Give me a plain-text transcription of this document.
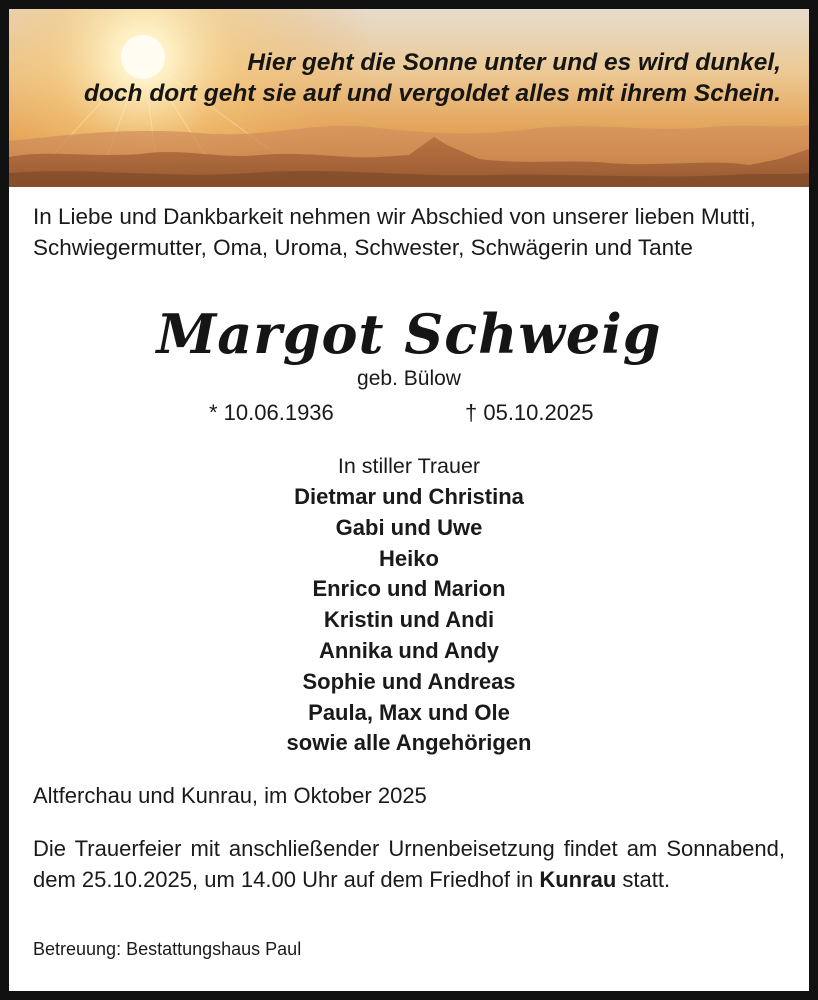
Hier geht die Sonne unter und es wird dunkel,
doch dort geht sie auf und vergoldet alles mit ihrem Schein.
In Liebe und Dankbarkeit nehmen wir Abschied von unserer lieben Mutti, Schwiegermutter, Oma, Uroma, Schwester, Schwägerin und Tante
Margot Schweig
geb. Bülow
* 10.06.1936	† 05.10.2025
In stiller Trauer
Dietmar und Christina
Gabi und Uwe
Heiko
Enrico und Marion
Kristin und Andi
Annika und Andy
Sophie und Andreas
Paula, Max und Ole
sowie alle Angehörigen
Altferchau und Kunrau, im Oktober 2025
Die Trauerfeier mit anschließender Urnenbeisetzung findet am Sonnabend, dem 25.10.2025, um 14.00 Uhr auf dem Friedhof in Kunrau statt.
Betreuung: Bestattungshaus Paul
